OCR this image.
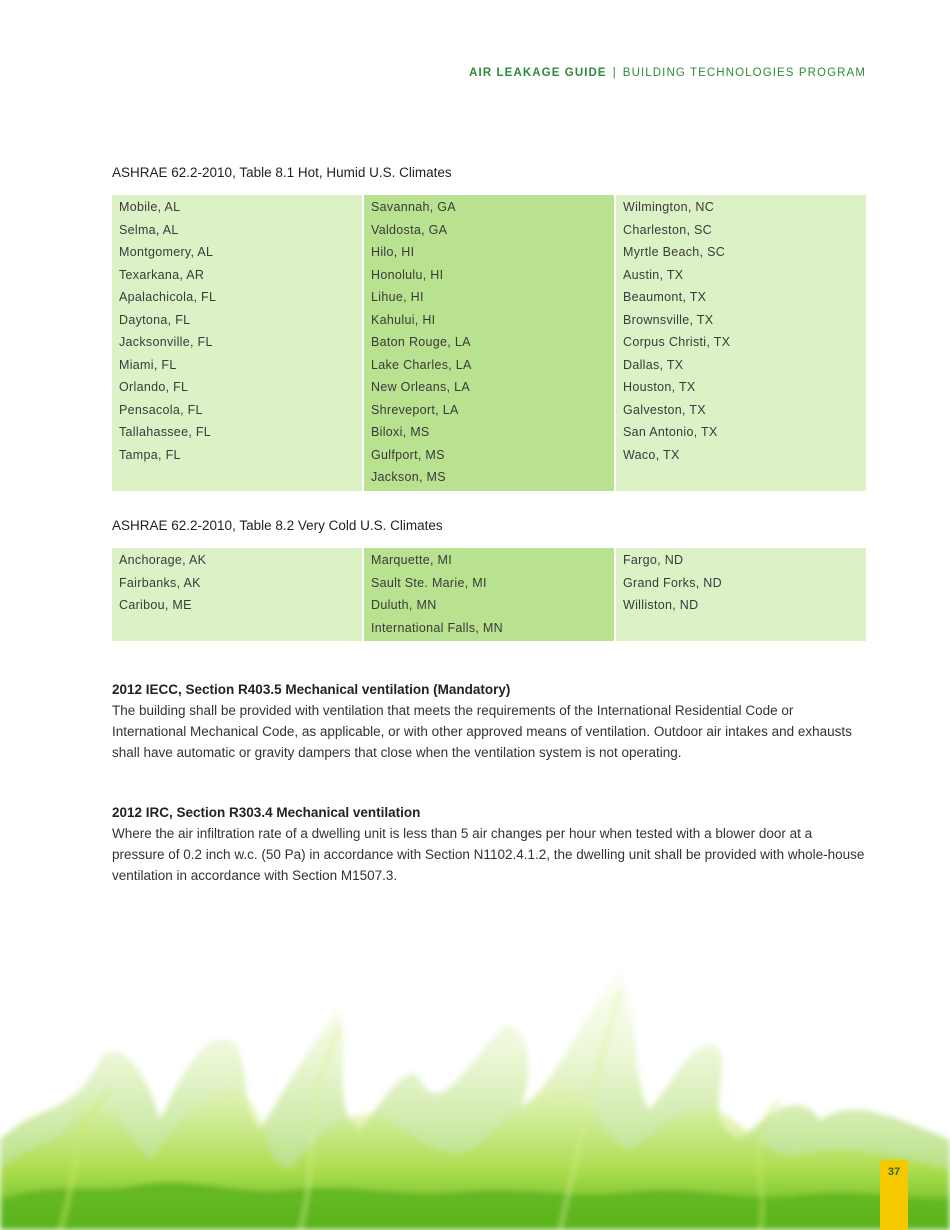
AIR LEAKAGE GUIDE | BUILDING TECHNOLOGIES PROGRAM
ASHRAE 62.2-2010, Table 8.1 Hot, Humid U.S. Climates
Mobile, AL
Selma, AL
Montgomery, AL
Texarkana, AR
Apalachicola, FL
Daytona, FL
Jacksonville, FL
Miami, FL
Orlando, FL
Pensacola, FL
Tallahassee, FL
Tampa, FL
Savannah, GA
Valdosta, GA
Hilo, HI
Honolulu, HI
Lihue, HI
Kahului, HI
Baton Rouge, LA
Lake Charles, LA
New Orleans, LA
Shreveport, LA
Biloxi, MS
Gulfport, MS
Jackson, MS
Wilmington, NC
Charleston, SC
Myrtle Beach, SC
Austin, TX
Beaumont, TX
Brownsville, TX
Corpus Christi, TX
Dallas, TX
Houston, TX
Galveston, TX
San Antonio, TX
Waco, TX
ASHRAE 62.2-2010, Table 8.2 Very Cold U.S. Climates
Anchorage, AK
Fairbanks, AK
Caribou, ME
Marquette, MI
Sault Ste. Marie, MI
Duluth, MN
International Falls, MN
Fargo, ND
Grand Forks, ND
Williston, ND
2012 IECC, Section R403.5 Mechanical ventilation (Mandatory)

The building shall be provided with ventilation that meets the requirements of the International Residential Code or International Mechanical Code, as applicable, or with other approved means of ventilation. Outdoor air intakes and exhausts shall have automatic or gravity dampers that close when the ventilation system is not operating.

2012 IRC, Section R303.4 Mechanical ventilation

Where the air infiltration rate of a dwelling unit is less than 5 air changes per hour when tested with a blower door at a pressure of 0.2 inch w.c. (50 Pa) in accordance with Section N1102.4.1.2, the dwelling unit shall be provided with whole-house ventilation in accordance with Section M1507.3.

37
